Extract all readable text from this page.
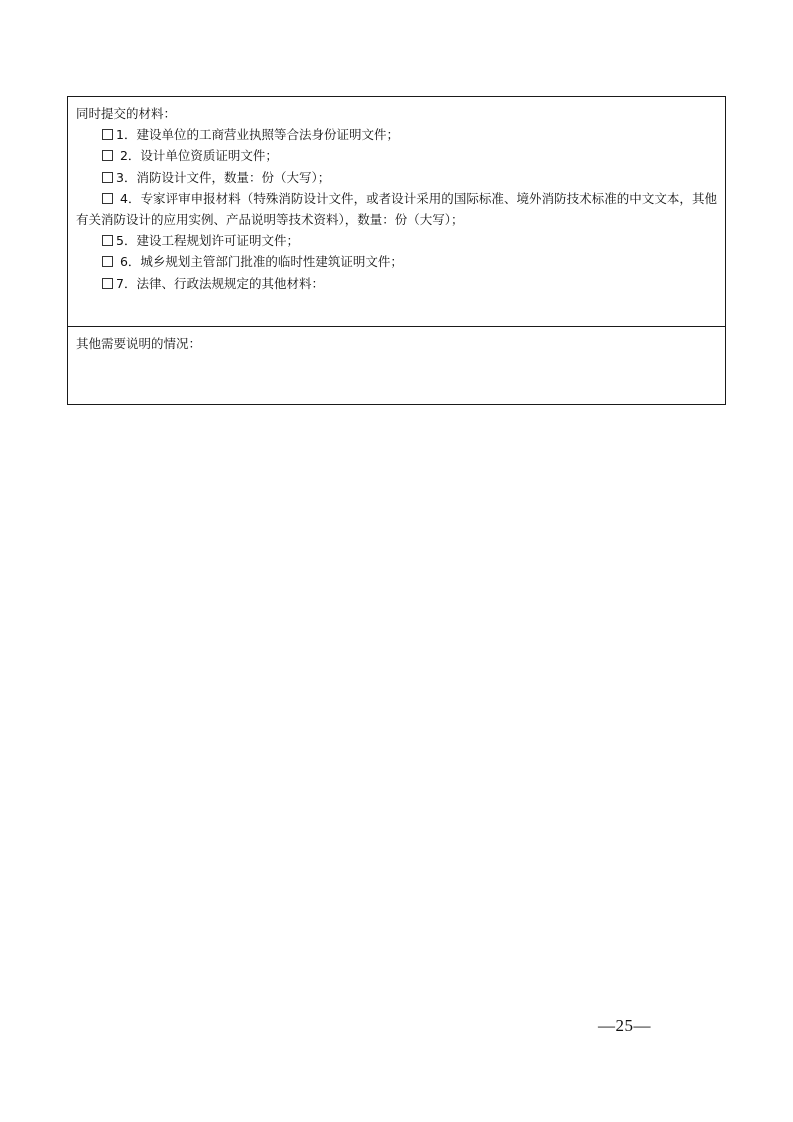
同时提交的材料：
1．建设单位的工商营业执照等合法身份证明文件；
2．设计单位资质证明文件；
3．消防设计文件，数量：份（大写）；
4．专家评审申报材料（特殊消防设计文件，或者设计采用的国际标准、境外消防技术标准的中文文本，其他有关消防设计的应用实例、产品说明等技术资料），数量：份（大写）；
5．建设工程规划许可证明文件；
6．城乡规划主管部门批准的临时性建筑证明文件；
7．法律、行政法规规定的其他材料：
其他需要说明的情况：
—25—
